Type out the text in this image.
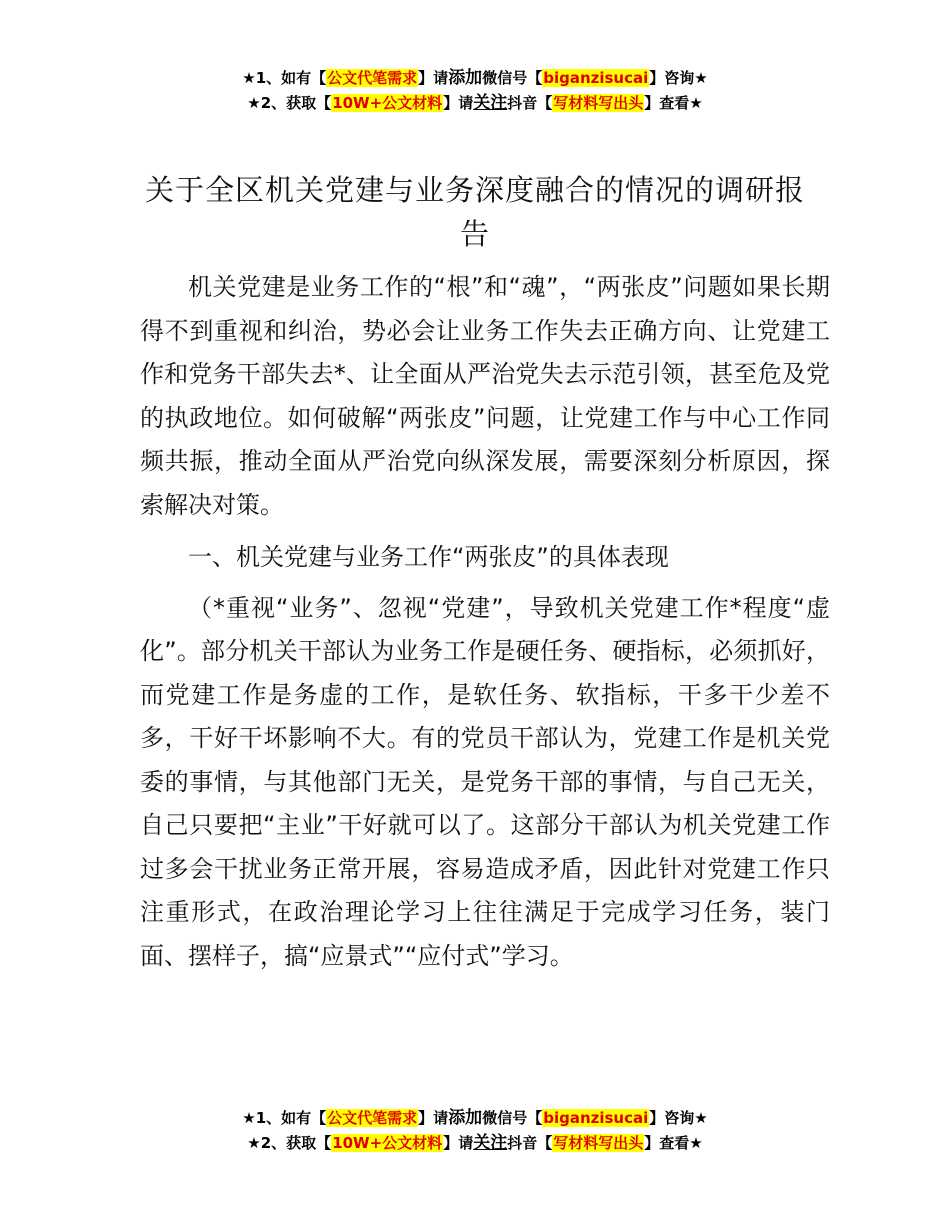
★1、如有【公文代笔需求】请添加微信号【biganzisucai】咨询★
★2、获取【10W+公文材料】请关注抖音【写材料写出头】查看★
关于全区机关党建与业务深度融合的情况的调研报告

机关党建是业务工作的“根”和“魂”，“两张皮”问题如果长期得不到重视和纠治，势必会让业务工作失去正确方向、让党建工作和党务干部失去*、让全面从严治党失去示范引领，甚至危及党的执政地位。如何破解“两张皮”问题，让党建工作与中心工作同频共振，推动全面从严治党向纵深发展，需要深刻分析原因，探索解决对策。

一、机关党建与业务工作“两张皮”的具体表现

（*重视“业务”、忽视“党建”，导致机关党建工作*程度“虚化”。部分机关干部认为业务工作是硬任务、硬指标，必须抓好，而党建工作是务虚的工作，是软任务、软指标，干多干少差不多，干好干坏影响不大。有的党员干部认为，党建工作是机关党委的事情，与其他部门无关，是党务干部的事情，与自己无关，自己只要把“主业”干好就可以了。这部分干部认为机关党建工作过多会干扰业务正常开展，容易造成矛盾，因此针对党建工作只注重形式，在政治理论学习上往往满足于完成学习任务，装门面、摆样子，搞“应景式”“应付式”学习。

★1、如有【公文代笔需求】请添加微信号【biganzisucai】咨询★
★2、获取【10W+公文材料】请关注抖音【写材料写出头】查看★
